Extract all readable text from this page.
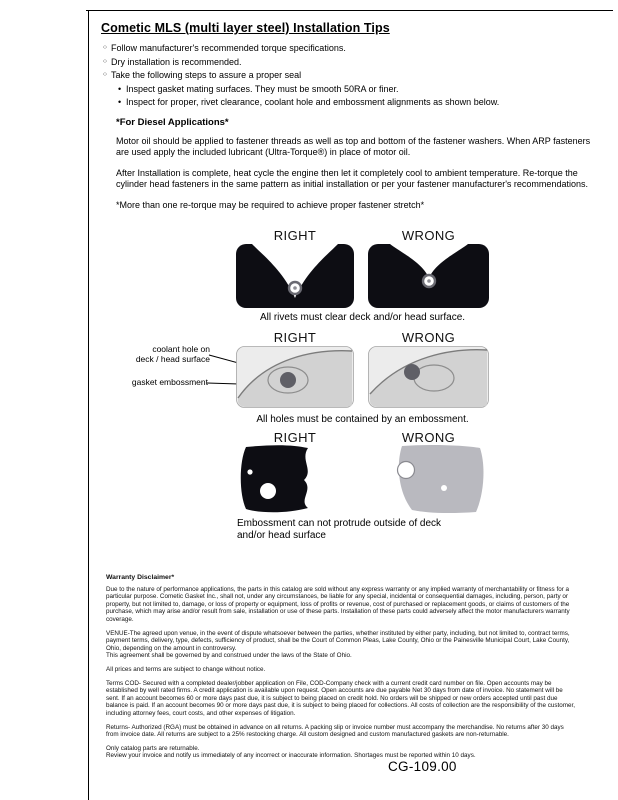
Cometic MLS (multi layer steel) Installation Tips
○ Follow manufacturer's recommended torque specifications.
○ Dry installation is recommended.
○ Take the following steps to assure a proper seal
• Inspect gasket mating surfaces. They must be smooth 50RA or finer.
• Inspect for proper, rivet clearance, coolant hole and embossment alignments as shown below.
*For Diesel Applications*

Motor oil should be applied to fastener threads as well as top and bottom of the fastener washers. When ARP fasteners are used apply the included lubricant (Ultra-Torque®) in place of motor oil.

After Installation is complete, heat cycle the engine then let it completely cool to ambient temperature. Re-torque the cylinder head fasteners in the same pattern as initial installation or per your fastener manufacturer's recommendations.

*More than one re-torque may be required to achieve proper fastener stretch*

RIGHT	WRONG
All rivets must clear deck and/or head surface.
RIGHT	WRONG
coolant hole on
deck / head surface
gasket embossment
All holes must be contained by an embossment.
RIGHT	WRONG
Embossment can not protrude outside of deck
and/or head surface
Warranty Disclaimer*

Due to the nature of performance applications, the parts in this catalog are sold without any express warranty or any implied warranty of merchantability or fitness for a particular purpose. Cometic Gasket Inc., shall not, under any circumstances, be liable for any special, incidental or consequential damages, including, person, party or property, but not limited to, damage, or loss of property or equipment, loss of profits or revenue, cost of purchased or replacement goods, or claims of customers of the purchase, which may arise and/or result from sale, installation or use of these parts. Installation of these parts could adversely affect the motor manufacturers warranty coverage.

VENUE-The agreed upon venue, in the event of dispute whatsoever between the parties, whether instituted by either party, including, but not limited to, contract terms, payment terms, delivery, type, defects, sufficiency of product, shall be the Court of Common Pleas, Lake County, Ohio or the Painesville Municipal Court, Lake County, Ohio, depending on the amount in controversy.

This agreement shall be governed by and construed under the laws of the State of Ohio.

All prices and terms are subject to change without notice.

Terms COD- Secured with a completed dealer/jobber application on File, COD-Company check with a current credit card number on file. Open accounts may be established by well rated firms. A credit application is available upon request. Open accounts are due payable Net 30 days from date of invoice. No statement will be sent. If an account becomes 60 or more days past due, it is subject to being placed on credit hold. No orders will be shipped or new orders accepted until past due balance is paid. If an account becomes 90 or more days past due, it is subject to being placed for collections. All costs of collection are the responsibility of the customer, including attorney fees, court costs, and other expenses of litigation.

Returns- Authorized (RGA) must be obtained in advance on all returns. A packing slip or invoice number must accompany the merchandise. No returns after 30 days from invoice date. All returns are subject to a 25% restocking charge. All custom designed and custom manufactured gaskets are non-returnable.

Only catalog parts are returnable.

Review your invoice and notify us immediately of any incorrect or inaccurate information. Shortages must be reported within 10 days.

CG-109.00
